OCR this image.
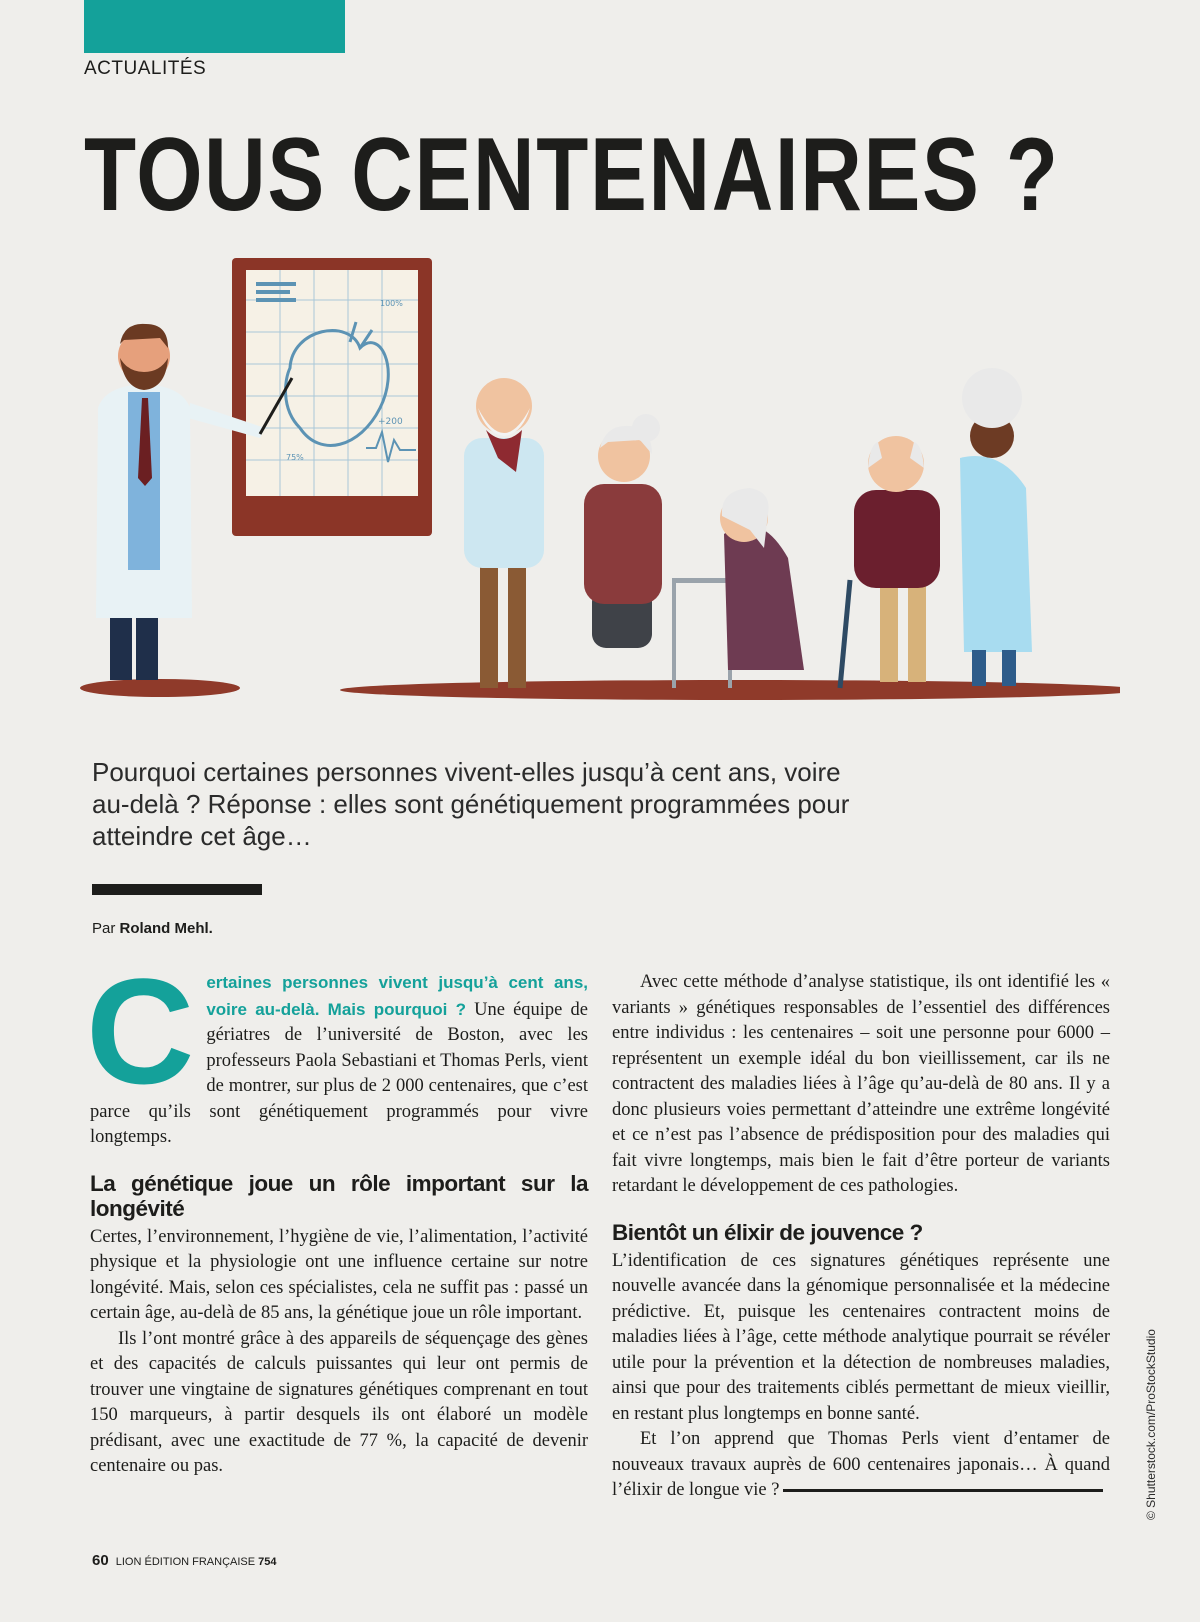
ACTUALITÉS
TOUS CENTENAIRES ?
100%
+200
75%

Pourquoi certaines personnes vivent-elles jusqu’à cent ans, voire au-delà ? Réponse : elles sont génétiquement programmées pour atteindre cet âge…

Par Roland Mehl.

Certaines personnes vivent jusqu’à cent ans, voire au-delà. Mais pourquoi ? Une équipe de gériatres de l’université de Boston, avec les professeurs Paola Sebastiani et Thomas Perls, vient de montrer, sur plus de 2 000 centenaires, que c’est parce qu’ils sont génétiquement programmés pour vivre longtemps.

La génétique joue un rôle important sur la longévité

Certes, l’environnement, l’hygiène de vie, l’alimentation, l’activité physique et la physiologie ont une influence certaine sur notre longévité. Mais, selon ces spécialistes, cela ne suffit pas : passé un certain âge, au-delà de 85 ans, la génétique joue un rôle important.

Ils l’ont montré grâce à des appareils de séquençage des gènes et des capacités de calculs puissantes qui leur ont permis de trouver une vingtaine de signatures génétiques comprenant en tout 150 marqueurs, à partir desquels ils ont élaboré un modèle prédisant, avec une exactitude de 77 %, la capacité de devenir centenaire ou pas.

Avec cette méthode d’analyse statistique, ils ont identifié les « variants » génétiques responsables de l’essentiel des différences entre individus : les centenaires – soit une personne pour 6000 – représentent un exemple idéal du bon vieillissement, car ils ne contractent des maladies liées à l’âge qu’au-delà de 80 ans. Il y a donc plusieurs voies permettant d’atteindre une extrême longévité et ce n’est pas l’absence de prédisposition pour des maladies qui fait vivre longtemps, mais bien le fait d’être porteur de variants retardant le développement de ces pathologies.

Bientôt un élixir de jouvence ?

L’identification de ces signatures génétiques représente une nouvelle avancée dans la génomique personnalisée et la médecine prédictive. Et, puisque les centenaires contractent moins de maladies liées à l’âge, cette méthode analytique pourrait se révéler utile pour la prévention et la détection de nombreuses maladies, ainsi que pour des traitements ciblés permettant de mieux vieillir, en restant plus longtemps en bonne santé.

Et l’on apprend que Thomas Perls vient d’entamer de nouveaux travaux auprès de 600 centenaires japonais… À quand l’élixir de longue vie ?	© Shutterstock.com/ProStockStudio
60 LION ÉDITION FRANÇAISE 754
